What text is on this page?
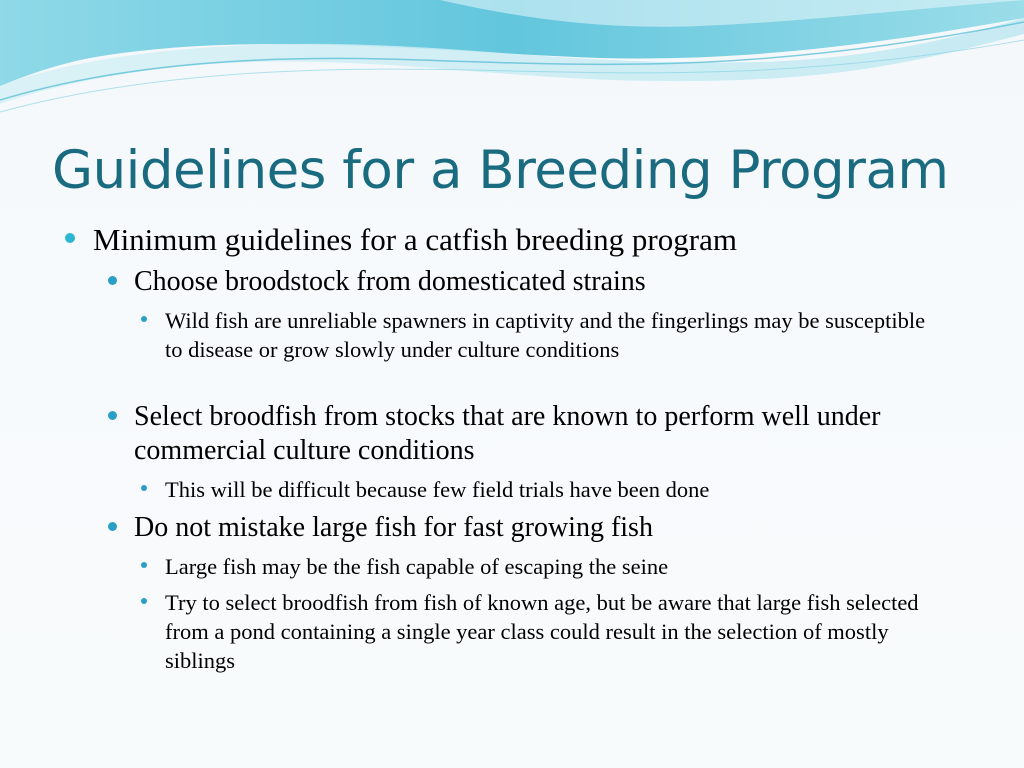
Guidelines for a Breeding Program
Minimum guidelines for a catfish breeding program
Choose broodstock from domesticated strains
Wild fish are unreliable spawners in captivity and the fingerlings may be susceptible to disease or grow slowly under culture conditions
Select broodfish from stocks that are known to perform well under commercial culture conditions
This will be difficult because few field trials have been done
Do not mistake large fish for fast growing fish
Large fish may be the fish capable of escaping the seine
Try to select broodfish from fish of known age, but be aware that large fish selected from a pond containing a single year class could result in the selection of mostly siblings
